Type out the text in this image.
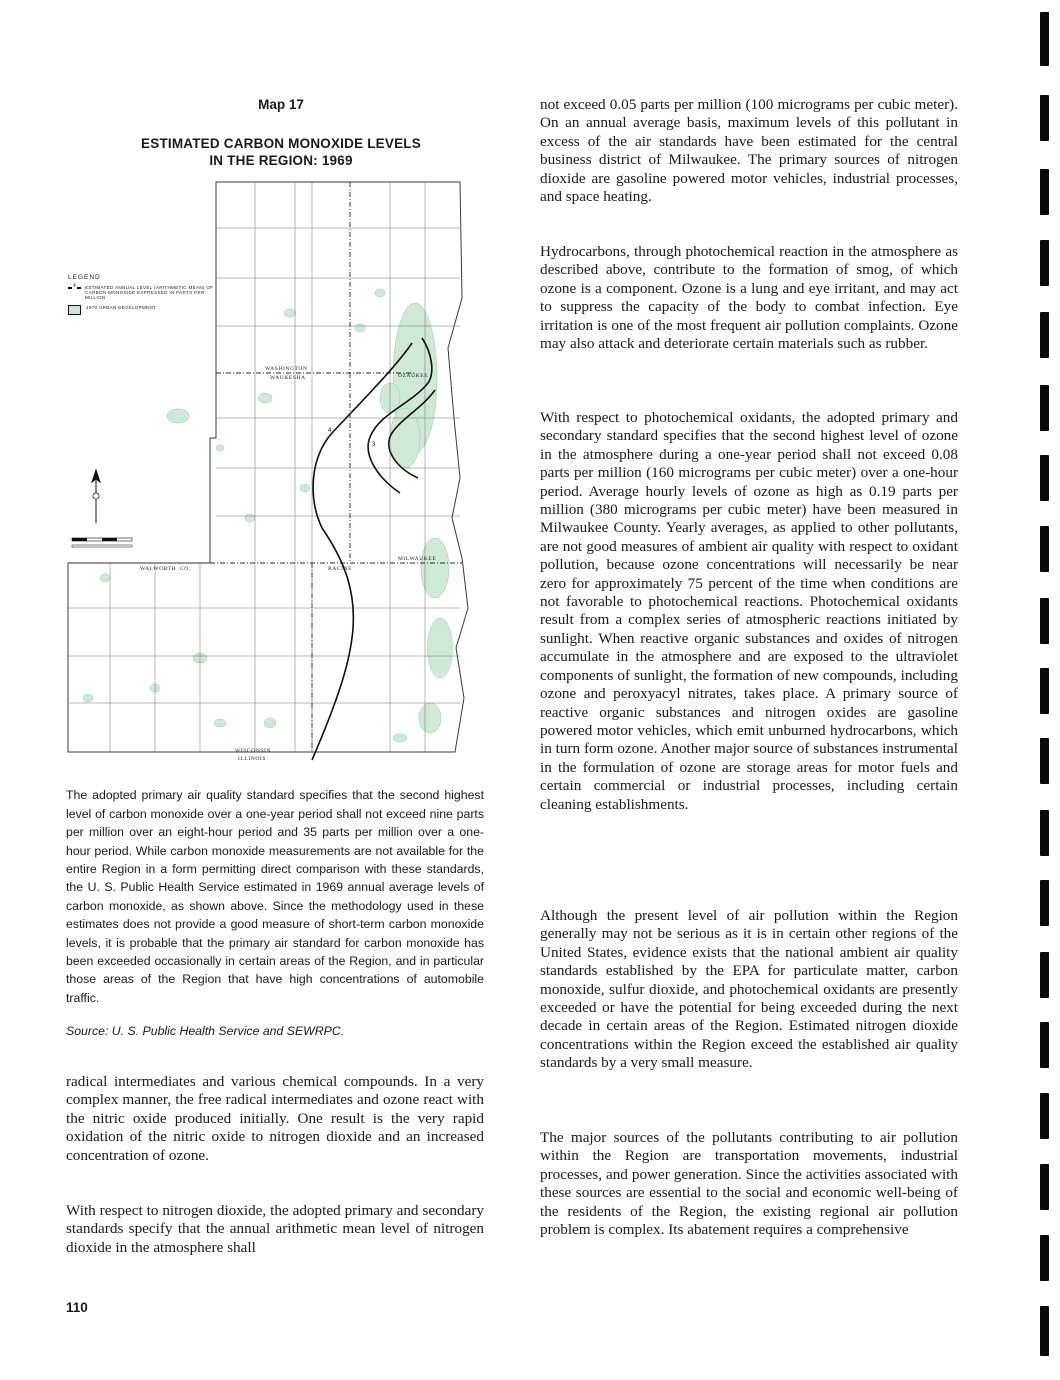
Map 17
ESTIMATED CARBON MONOXIDE LEVELS
IN THE REGION: 1969
4
3
WASHINGTON
WAUKESHA	OZAUKEE
MILWAUKEE
WALWORTH	RACINE
CO.
WISCONSIN
ILLINOIS
LEGEND
4 ESTIMATED ANNUAL LEVEL (ARITHMETIC MEAN) OF CARBON MONOXIDE EXPRESSED IN PARTS PER MILLION
1970 URBAN DEVELOPMENT

The adopted primary air quality standard specifies that the second highest level of carbon monoxide over a one-year period shall not exceed nine parts per million over an eight-hour period and 35 parts per million over a one-hour period. While carbon monoxide measurements are not available for the entire Region in a form permitting direct comparison with these standards, the U. S. Public Health Service estimated in 1969 annual average levels of carbon monoxide, as shown above. Since the methodology used in these estimates does not provide a good measure of short-term carbon monoxide levels, it is probable that the primary air standard for carbon monoxide has been exceeded occasionally in certain areas of the Region, and in particular those areas of the Region that have high concentrations of automobile traffic.

Source: U. S. Public Health Service and SEWRPC.

radical intermediates and various chemical compounds. In a very complex manner, the free radical intermediates and ozone react with the nitric oxide produced initially. One result is the very rapid oxidation of the nitric oxide to nitrogen dioxide and an increased concentration of ozone.

With respect to nitrogen dioxide, the adopted primary and secondary standards specify that the annual arithmetic mean level of nitrogen dioxide in the atmosphere shall

not exceed 0.05 parts per million (100 micrograms per cubic meter). On an annual average basis, maximum levels of this pollutant in excess of the air standards have been estimated for the central business district of Milwaukee. The primary sources of nitrogen dioxide are gasoline powered motor vehicles, industrial processes, and space heating.

Hydrocarbons, through photochemical reaction in the atmosphere as described above, contribute to the formation of smog, of which ozone is a component. Ozone is a lung and eye irritant, and may act to suppress the capacity of the body to combat infection. Eye irritation is one of the most frequent air pollution complaints. Ozone may also attack and deteriorate certain materials such as rubber.

With respect to photochemical oxidants, the adopted primary and secondary standard specifies that the second highest level of ozone in the atmosphere during a one-year period shall not exceed 0.08 parts per million (160 micrograms per cubic meter) over a one-hour period. Average hourly levels of ozone as high as 0.19 parts per million (380 micrograms per cubic meter) have been measured in Milwaukee County. Yearly averages, as applied to other pollutants, are not good measures of ambient air quality with respect to oxidant pollution, because ozone concentrations will necessarily be near zero for approximately 75 percent of the time when conditions are not favorable to photochemical reactions. Photochemical oxidants result from a complex series of atmospheric reactions initiated by sunlight. When reactive organic substances and oxides of nitrogen accumulate in the atmosphere and are exposed to the ultraviolet components of sunlight, the formation of new compounds, including ozone and peroxyacyl nitrates, takes place. A primary source of reactive organic substances and nitrogen oxides are gasoline powered motor vehicles, which emit unburned hydrocarbons, which in turn form ozone. Another major source of substances instrumental in the formulation of ozone are storage areas for motor fuels and certain commercial or industrial processes, including certain cleaning establishments.

Although the present level of air pollution within the Region generally may not be serious as it is in certain other regions of the United States, evidence exists that the national ambient air quality standards established by the EPA for particulate matter, carbon monoxide, sulfur dioxide, and photochemical oxidants are presently exceeded or have the potential for being exceeded during the next decade in certain areas of the Region. Estimated nitrogen dioxide concentrations within the Region exceed the established air quality standards by a very small measure.

The major sources of the pollutants contributing to air pollution within the Region are transportation movements, industrial processes, and power generation. Since the activities associated with these sources are essential to the social and economic well-being of the residents of the Region, the existing regional air pollution problem is complex. Its abatement requires a comprehensive

110
